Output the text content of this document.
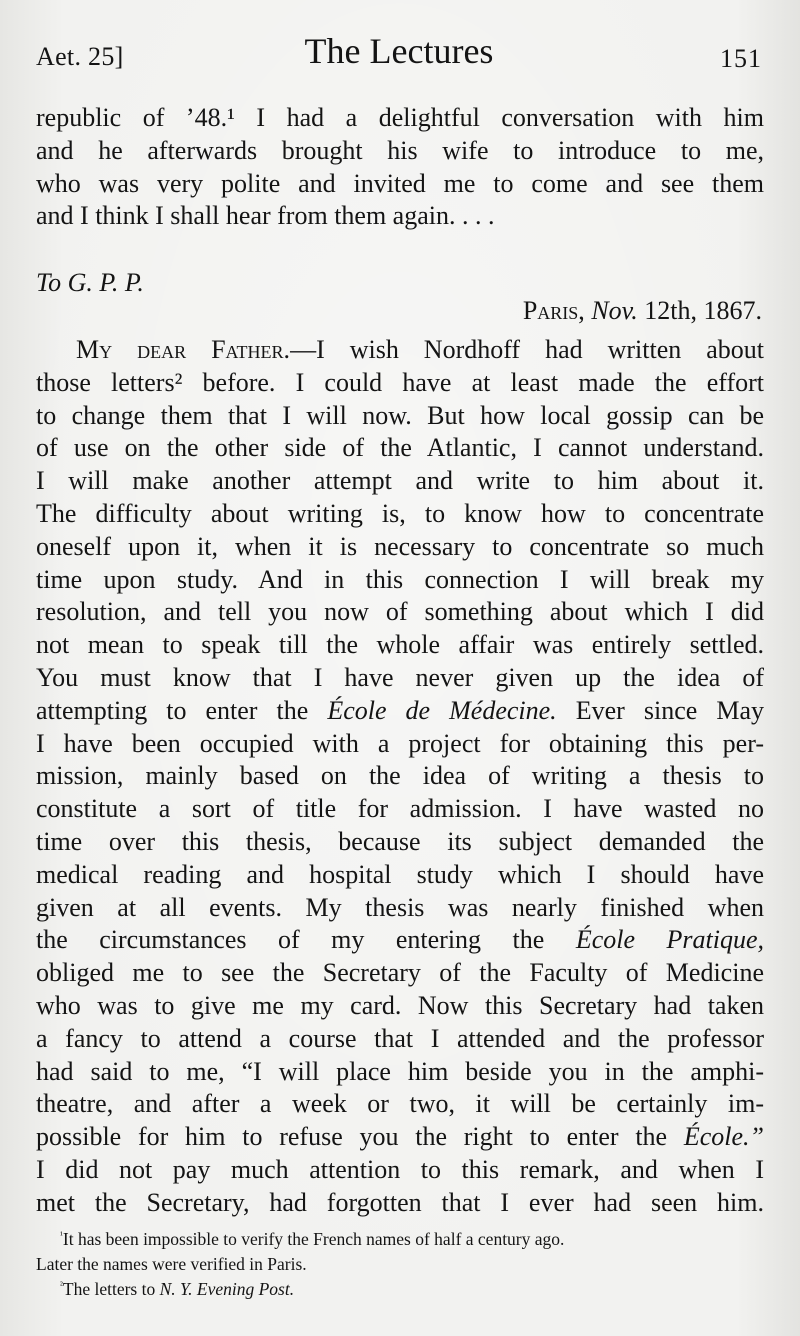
Aet. 25]	The Lectures	151
republic of ’48.¹ I had a delightful conversation with him
and he afterwards brought his wife to introduce to me,
who was very polite and invited me to come and see them
and I think I shall hear from them again. . . .
To G. P. P.
Paris, Nov. 12th, 1867.
My dear Father.—I wish Nordhoff had written about
those letters² before. I could have at least made the effort
to change them that I will now. But how local gossip can be
of use on the other side of the Atlantic, I cannot understand.
I will make another attempt and write to him about it.
The difficulty about writing is, to know how to concentrate
oneself upon it, when it is necessary to concentrate so much
time upon study. And in this connection I will break my
resolution, and tell you now of something about which I did
not mean to speak till the whole affair was entirely settled.
You must know that I have never given up the idea of
attempting to enter the École de Médecine. Ever since May
I have been occupied with a project for obtaining this per-
mission, mainly based on the idea of writing a thesis to
constitute a sort of title for admission. I have wasted no
time over this thesis, because its subject demanded the
medical reading and hospital study which I should have
given at all events. My thesis was nearly finished when
the circumstances of my entering the École Pratique,
obliged me to see the Secretary of the Faculty of Medicine
who was to give me my card. Now this Secretary had taken
a fancy to attend a course that I attended and the professor
had said to me, “I will place him beside you in the amphi-
theatre, and after a week or two, it will be certainly im-
possible for him to refuse you the right to enter the École.”
I did not pay much attention to this remark, and when I
met the Secretary, had forgotten that I ever had seen him.
$^{^1}$It has been impossible to verify the French names of half a century ago.
Later the names were verified in Paris.
$^{^2}$The letters to N. Y. Evening Post.
